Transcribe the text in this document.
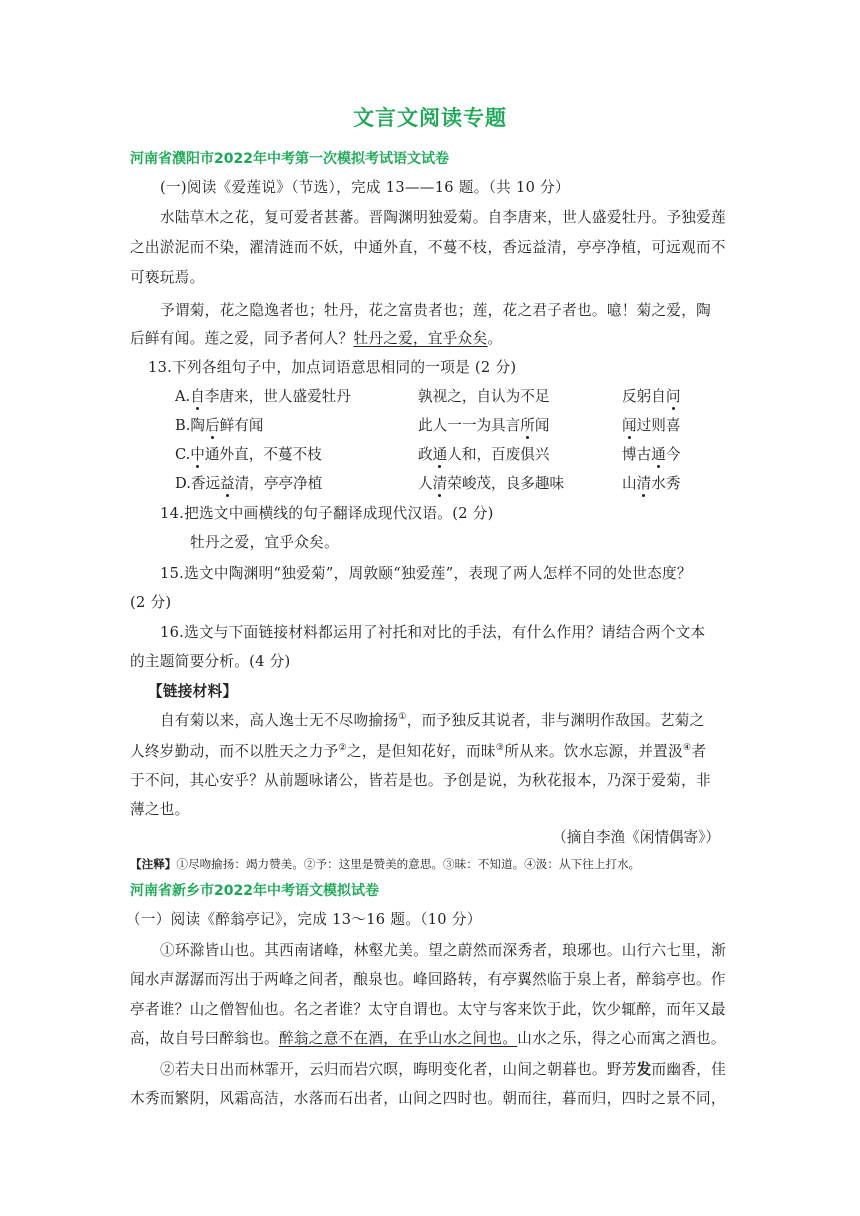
文言文阅读专题
河南省濮阳市2022年中考第一次模拟考试语文试卷
(一)阅读《爱莲说》（节选），完成 13——16 题。（共 10 分）
水陆草木之花，复可爱者甚蕃。晋陶渊明独爱菊。自李唐来，世人盛爱牡丹。予独爱莲
之出淤泥而不染，濯清涟而不妖，中通外直，不蔓不枝，香远益清，亭亭净植，可远观而不
可亵玩焉。
予谓菊，花之隐逸者也；牡丹，花之富贵者也；莲，花之君子者也。噫！菊之爱，陶
后鲜有闻。莲之爱，同予者何人？牡丹之爱，宜乎众矣。
13.下列各组句子中，加点词语意思相同的一项是 (2 分)
A.自李唐来，世人盛爱牡丹	孰视之，自认为不足	反躬自问
B.陶后鲜有闻	此人一一为具言所闻	闻过则喜
C.中通外直，不蔓不枝	政通人和，百废俱兴	博古通今
D.香远益清，亭亭净植	人清荣峻茂，良多趣味	山清水秀
14.把选文中画横线的句子翻译成现代汉语。(2 分)
牡丹之爱，宜乎众矣。
15.选文中陶渊明“独爱菊”，周敦颐“独爱莲”，表现了两人怎样不同的处世态度？
(2 分)
16.选文与下面链接材料都运用了衬托和对比的手法，有什么作用？请结合两个文本
的主题简要分析。(4 分)
【链接材料】
自有菊以来，高人逸士无不尽吻揄扬①，而予独反其说者，非与渊明作敌国。艺菊之
人终岁勤动，而不以胜天之力予②之，是但知花好，而昧③所从来。饮水忘源，并置汲④者
于不问，其心安乎？从前题咏诸公，皆若是也。予创是说，为秋花报本，乃深于爱菊，非
薄之也。
（摘自李渔《闲情偶寄》）
【注释】①尽吻揄扬：竭力赞美。②予：这里是赞美的意思。③昧：不知道。④汲：从下往上打水。
河南省新乡市2022年中考语文模拟试卷
（一）阅读《醉翁亭记》，完成 13～16 题。（10 分）
①环滁皆山也。其西南诸峰，林壑尤美。望之蔚然而深秀者，琅琊也。山行六七里，渐
闻水声潺潺而泻出于两峰之间者，酿泉也。峰回路转，有亭翼然临于泉上者，醉翁亭也。作
亭者谁？山之僧智仙也。名之者谁？太守自谓也。太守与客来饮于此，饮少辄醉，而年又最
高，故自号曰醉翁也。醉翁之意不在酒，在乎山水之间也。山水之乐，得之心而寓之酒也。
②若夫日出而林霏开，云归而岩穴暝，晦明变化者，山间之朝暮也。野芳发而幽香，佳
木秀而繁阴，风霜高洁，水落而石出者，山间之四时也。朝而往，暮而归，四时之景不同，
